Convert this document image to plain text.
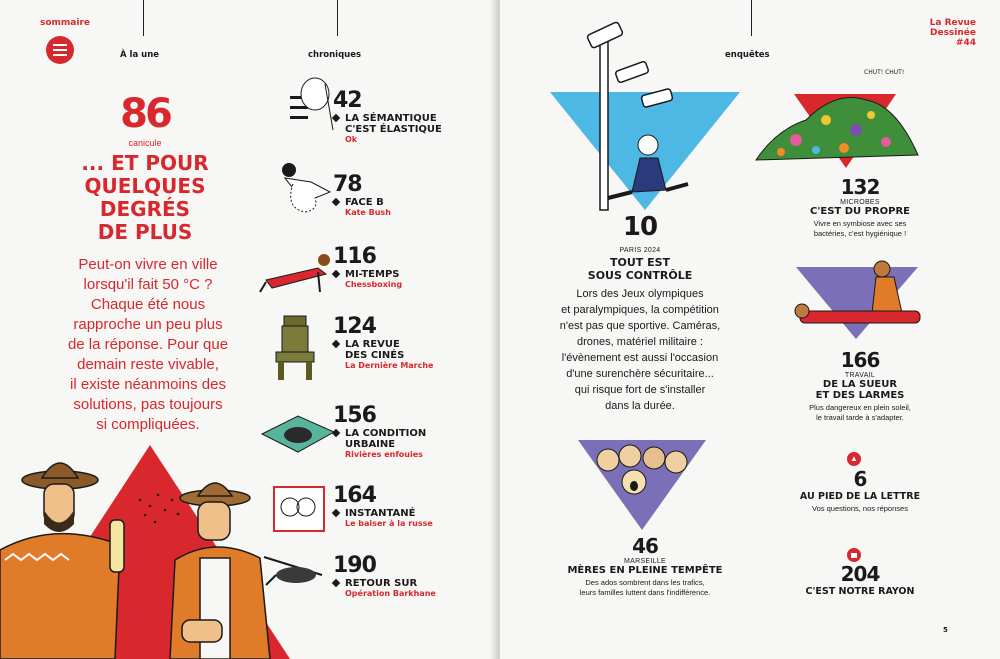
sommaire
À la une	chroniques
86
canicule
... ET POUR
QUELQUES
DEGRÉS
DE PLUS
Peut-on vivre en ville
lorsqu'il fait 50 °C ?
Chaque été nous
rapproche un peu plus
de la réponse. Pour que
demain reste vivable,
il existe néanmoins des
solutions, pas toujours
si compliquées.
42
LA SÉMANTIQUE
C'EST ÉLASTIQUE
Ok
78
FACE B
Kate Bush
116
MI-TEMPS
Chessboxing
124
LA REVUE
DES CINÉS
La Dernière Marche
156
LA CONDITION
URBAINE
Rivières enfouies
164
INSTANTANÉ
Le baiser à la russe
190
RETOUR SUR
Opération Barkhane
enquêtes
La Revue
Dessinée
#44
10
PARIS 2024
TOUT EST
SOUS CONTRÔLE
Lors des Jeux olympiques
et paralympiques, la compétition
n'est pas que sportive. Caméras,
drones, matériel militaire :
l'évènement est aussi l'occasion
d'une surenchère sécuritaire...
qui risque fort de s'installer
dans la durée.
46
MARSEILLE
MÈRES EN PLEINE TEMPÊTE
Des ados sombrent dans les trafics,
leurs familles luttent dans l'indifférence.
CHUT! CHUT!
132
MICROBES
C'EST DU PROPRE
Vivre en symbiose avec ses
bactéries, c'est hygiénique !
166
TRAVAIL
DE LA SUEUR
ET DES LARMES
Plus dangereux en plein soleil,
le travail tarde à s'adapter.
▲
6
AU PIED DE LA LETTRE
Vos questions, nos réponses
204
C'EST NOTRE RAYON
5
